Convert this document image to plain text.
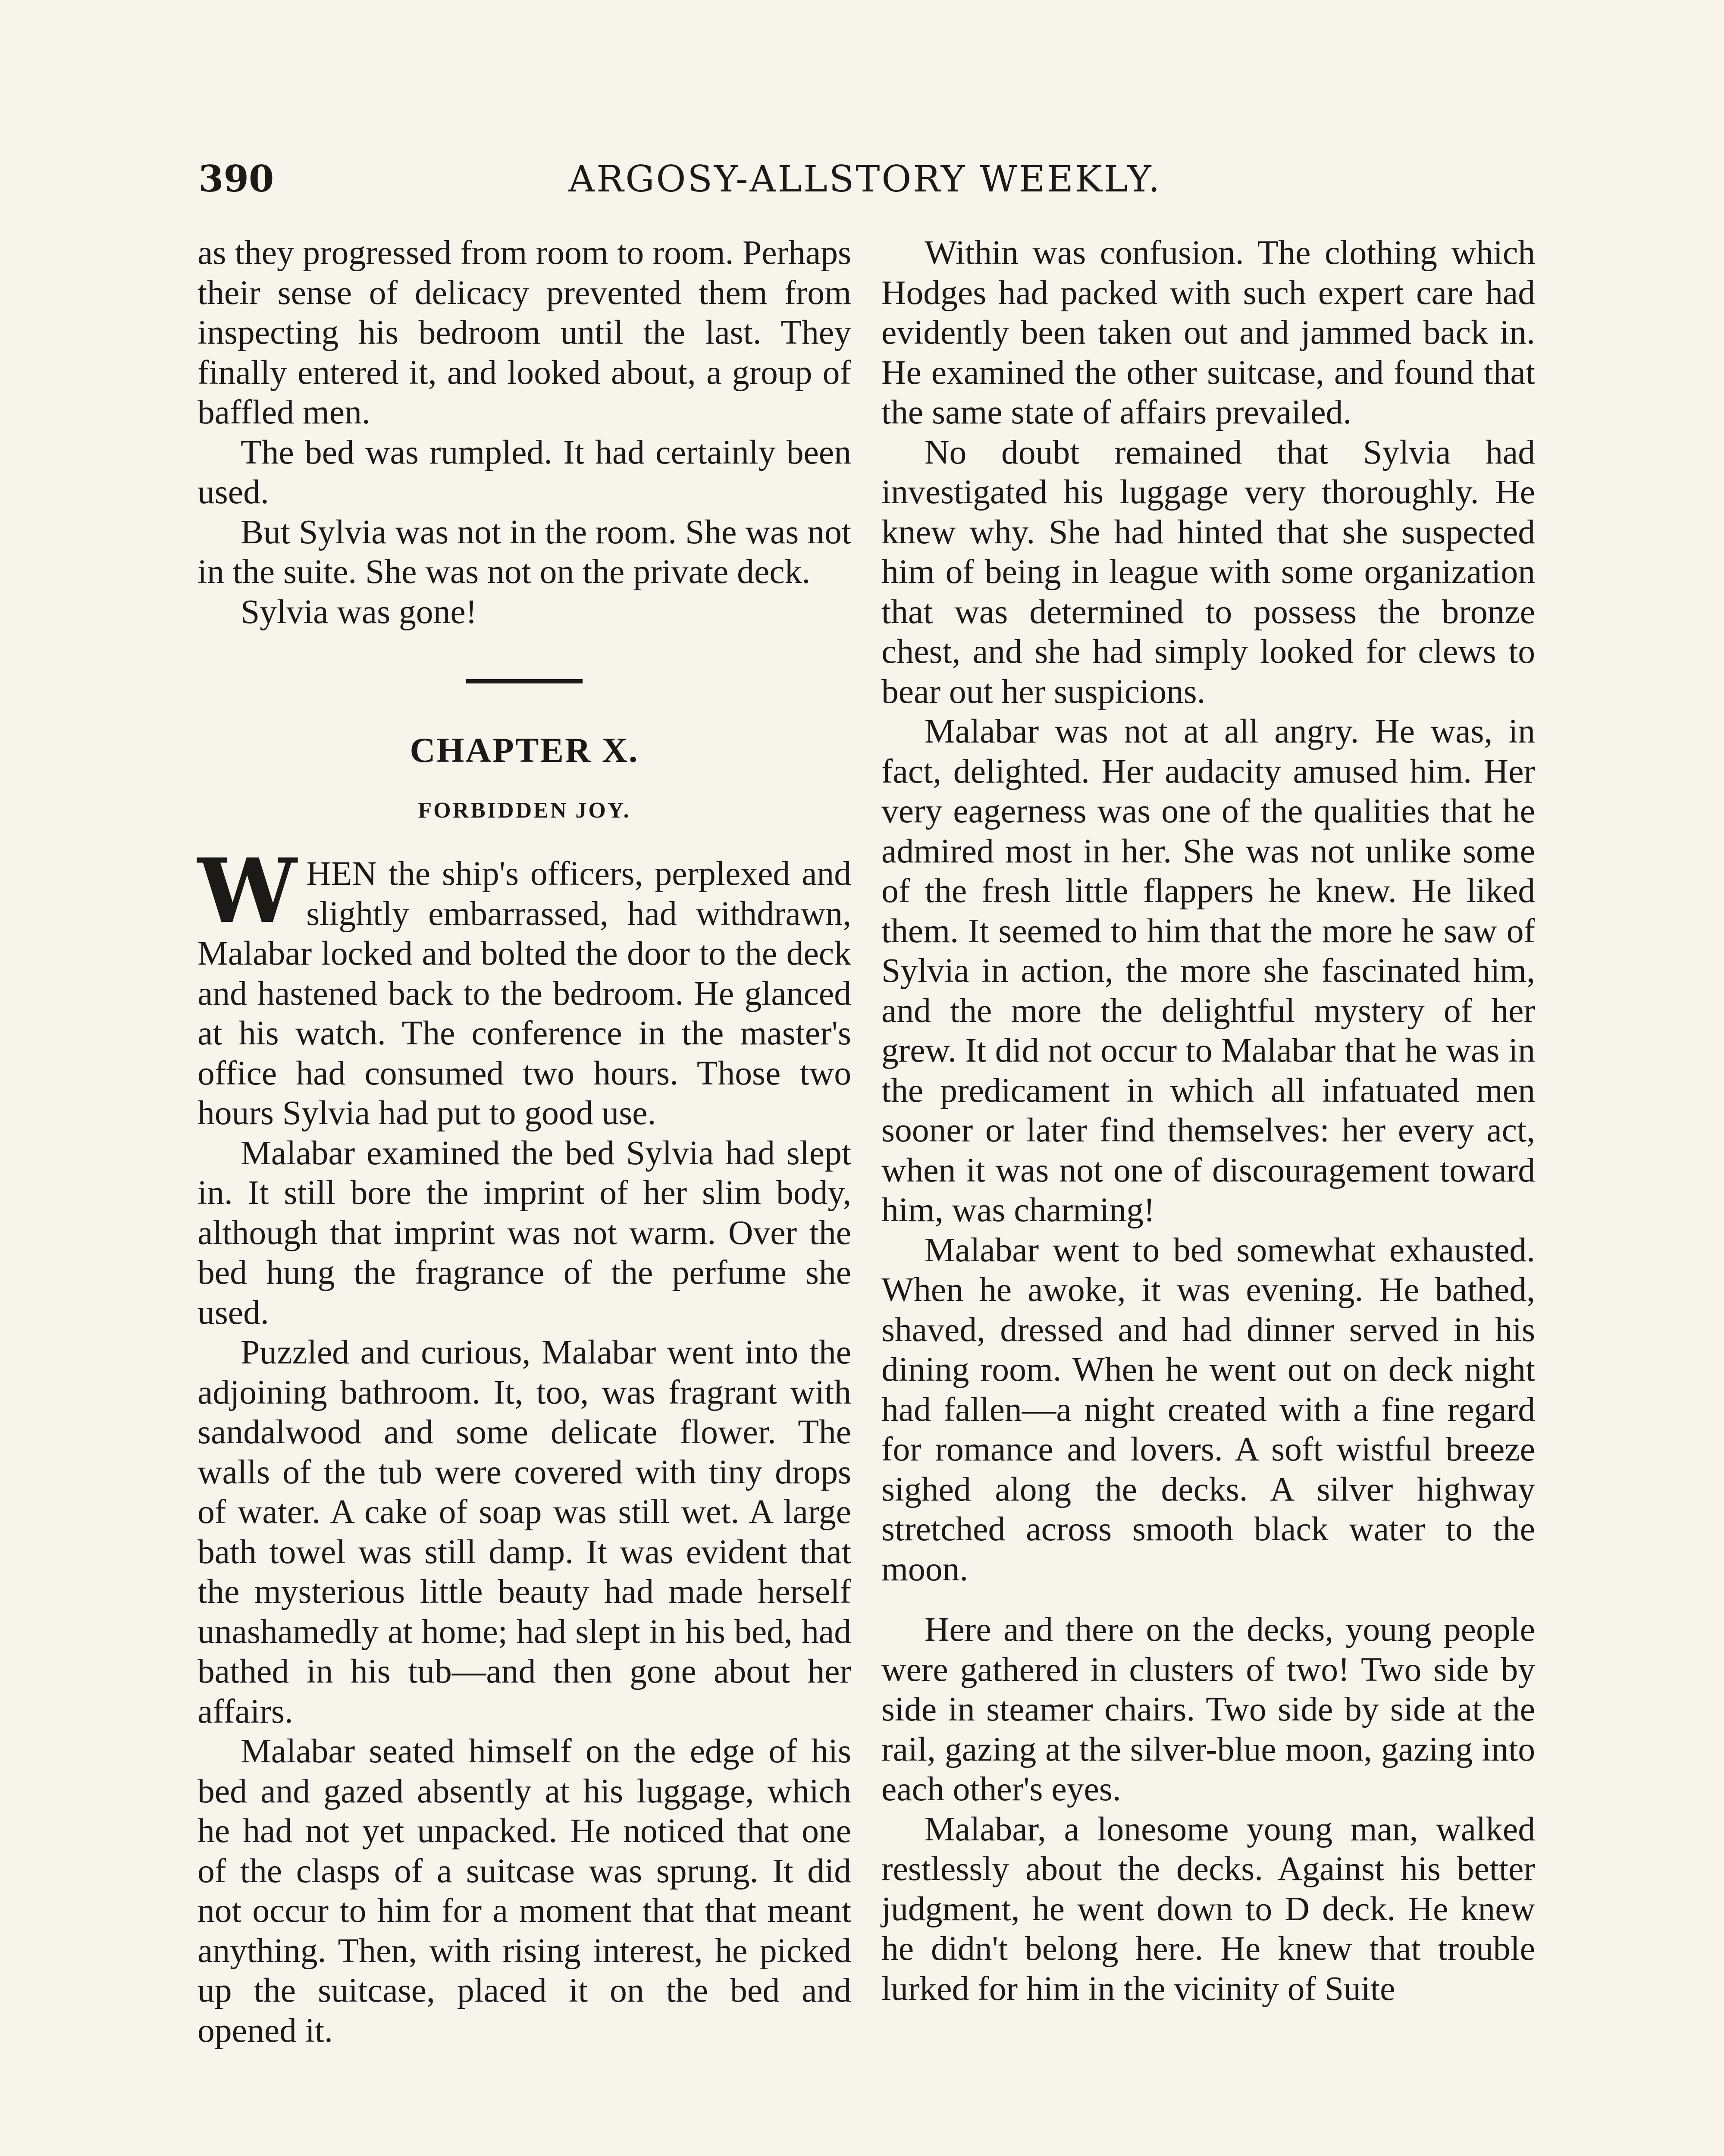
390	ARGOSY-ALLSTORY WEEKLY.

as they progressed from room to room. Perhaps their sense of delicacy prevented them from inspecting his bedroom until the last. They finally entered it, and looked about, a group of baffled men.

The bed was rumpled. It had certainly been used.

But Sylvia was not in the room. She was not in the suite. She was not on the private deck.

Sylvia was gone!

CHAPTER X.
FORBIDDEN JOY.

WHEN the ship's officers, perplexed and slightly embarrassed, had withdrawn, Malabar locked and bolted the door to the deck and hastened back to the bedroom. He glanced at his watch. The conference in the master's office had consumed two hours. Those two hours Sylvia had put to good use.

Malabar examined the bed Sylvia had slept in. It still bore the imprint of her slim body, although that imprint was not warm. Over the bed hung the fragrance of the perfume she used.

Puzzled and curious, Malabar went into the adjoining bathroom. It, too, was fragrant with sandalwood and some delicate flower. The walls of the tub were covered with tiny drops of water. A cake of soap was still wet. A large bath towel was still damp. It was evident that the mysterious little beauty had made herself unashamedly at home; had slept in his bed, had bathed in his tub—and then gone about her affairs.

Malabar seated himself on the edge of his bed and gazed absently at his luggage, which he had not yet unpacked. He noticed that one of the clasps of a suitcase was sprung. It did not occur to him for a moment that that meant anything. Then, with rising interest, he picked up the suitcase, placed it on the bed and opened it.

Within was confusion. The clothing which Hodges had packed with such expert care had evidently been taken out and jammed back in. He examined the other suitcase, and found that the same state of affairs prevailed.

No doubt remained that Sylvia had investigated his luggage very thoroughly. He knew why. She had hinted that she suspected him of being in league with some organization that was determined to possess the bronze chest, and she had simply looked for clews to bear out her suspicions.

Malabar was not at all angry. He was, in fact, delighted. Her audacity amused him. Her very eagerness was one of the qualities that he admired most in her. She was not unlike some of the fresh little flappers he knew. He liked them. It seemed to him that the more he saw of Sylvia in action, the more she fascinated him, and the more the delightful mystery of her grew. It did not occur to Malabar that he was in the predicament in which all infatuated men sooner or later find themselves: her every act, when it was not one of discouragement toward him, was charming!

Malabar went to bed somewhat exhausted. When he awoke, it was evening. He bathed, shaved, dressed and had dinner served in his dining room. When he went out on deck night had fallen—a night created with a fine regard for romance and lovers. A soft wistful breeze sighed along the decks. A silver highway stretched across smooth black water to the moon.

Here and there on the decks, young people were gathered in clusters of two! Two side by side in steamer chairs. Two side by side at the rail, gazing at the silver-blue moon, gazing into each other's eyes.

Malabar, a lonesome young man, walked restlessly about the decks. Against his better judgment, he went down to D deck. He knew he didn't belong here. He knew that trouble lurked for him in the vicinity of Suite
